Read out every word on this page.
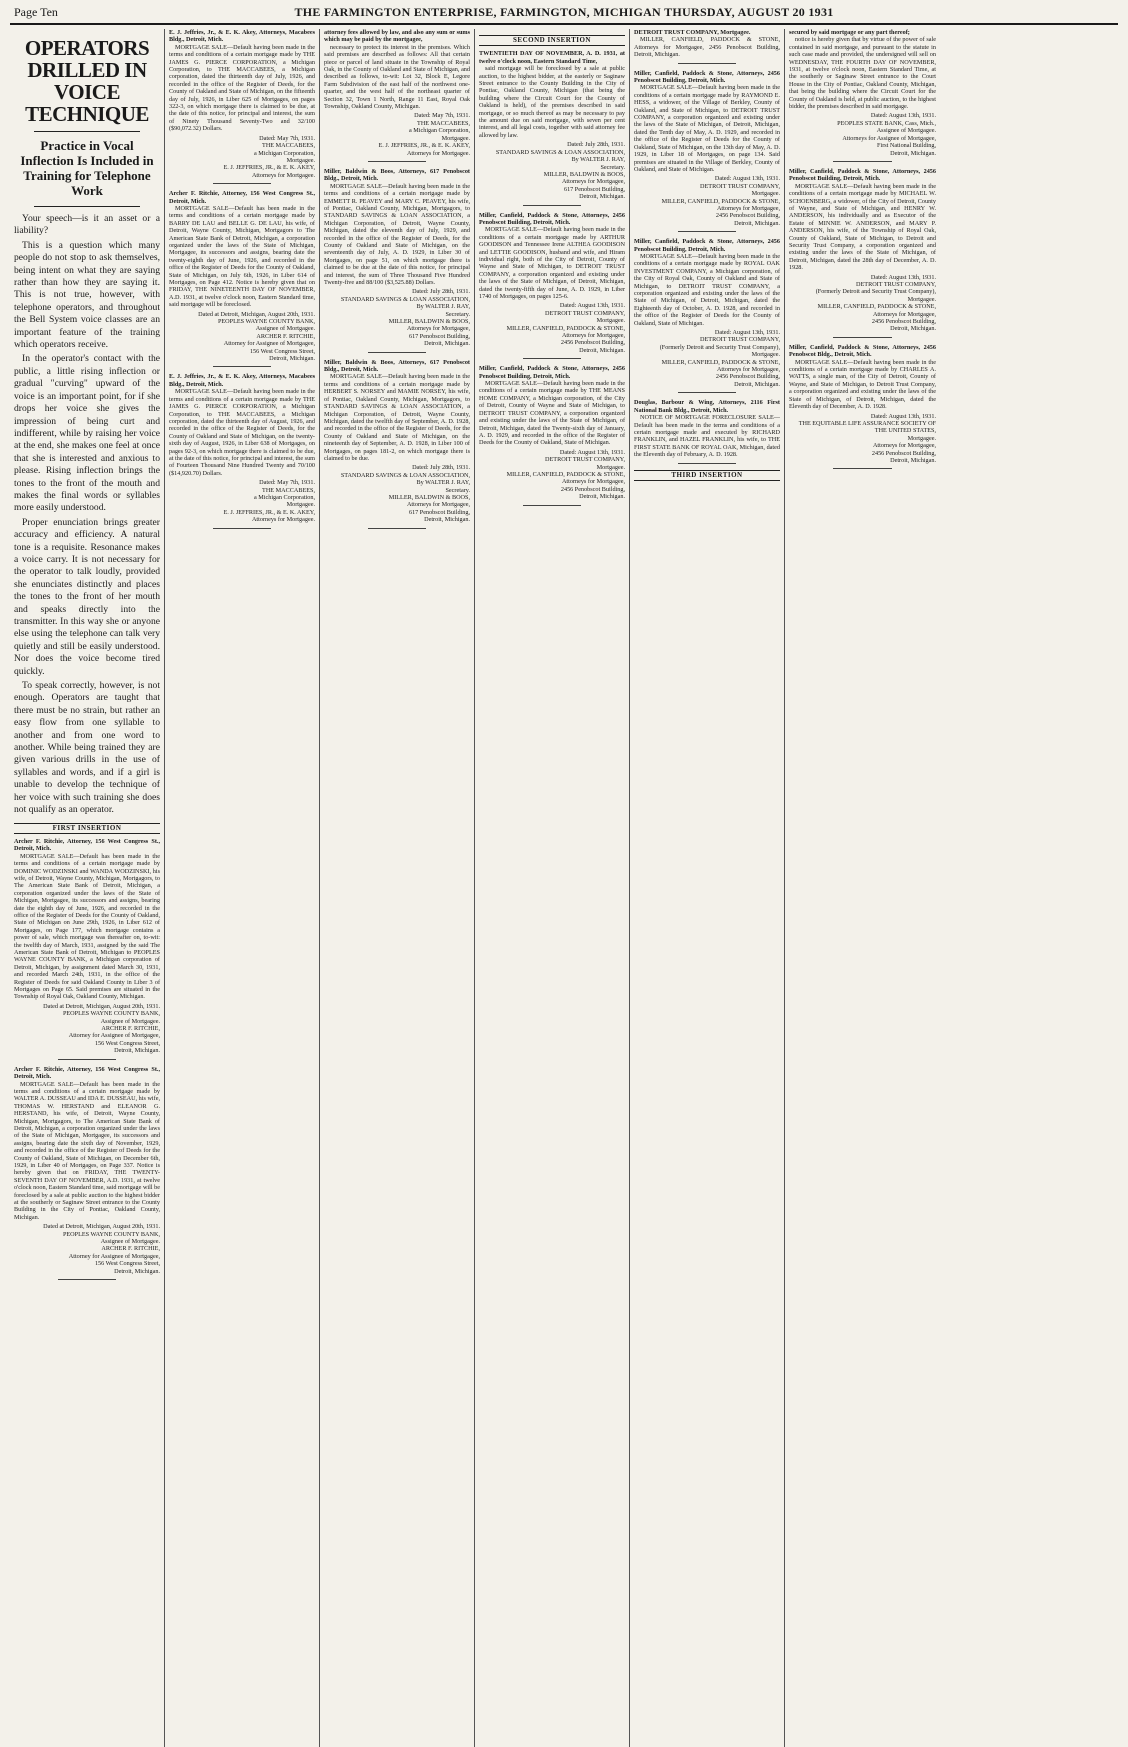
Page Ten	THE FARMINGTON ENTERPRISE, FARMINGTON, MICHIGAN THURSDAY, AUGUST 20 1931
OPERATORS DRILLED IN VOICE TECHNIQUE
Practice in Vocal Inflection Is Included in Training for Telephone Work

Your speech—is it an asset or a liability?

This is a question which many people do not stop to ask themselves, being intent on what they are saying rather than how they are saying it. This is not true, however, with telephone operators, and throughout the Bell System voice classes are an important feature of the training which operators receive.

In the operator's contact with the public, a little rising inflection or gradual "curving" upward of the voice is an important point, for if she drops her voice she gives the impression of being curt and indifferent, while by raising her voice at the end, she makes one feel at once that she is interested and anxious to please. Rising inflection brings the tones to the front of the mouth and makes the final words or syllables more easily understood.

Proper enunciation brings greater accuracy and efficiency. A natural tone is a requisite. Resonance makes a voice carry. It is not necessary for the operator to talk loudly, provided she enunciates distinctly and places the tones to the front of her mouth and speaks directly into the transmitter. In this way she or anyone else using the telephone can talk very quietly and still be easily understood. Nor does the voice become tired quickly.

To speak correctly, however, is not enough. Operators are taught that there must be no strain, but rather an easy flow from one syllable to another and from one word to another. While being trained they are given various drills in the use of syllables and words, and if a girl is unable to develop the technique of her voice with such training she does not qualify as an operator.

FIRST INSERTION
Archer F. Ritchie, Attorney, 156 West Congress St., Detroit, Mich.

MORTGAGE SALE—Default has been made in the terms and conditions of a certain mortgage made by DOMINIC WODZINSKI and WANDA WODZINSKI, his wife, of Detroit, Wayne County, Michigan, Mortgagors, to The American State Bank of Detroit, Michigan, a corporation organized under the laws of the State of Michigan, Mortgagee, its successors and assigns, bearing date the eighth day of June, 1926, and recorded in the office of the Register of Deeds for the County of Oakland, State of Michigan on June 29th, 1926, in Liber 612 of Mortgages, on Page 177, which mortgage contains a power of sale, which mortgage was thereafter on, to-wit: the twelfth day of March, 1931, assigned by the said The American State Bank of Detroit, Michigan to PEOPLES WAYNE COUNTY BANK, a Michigan corporation of Detroit, Michigan, by assignment dated March 30, 1931, and recorded March 24th, 1931, in the office of the Register of Deeds for said Oakland County in Liber 3 of Mortgages on Page 65. Said premises are situated in the Township of Royal Oak, Oakland County, Michigan.

Dated at Detroit, Michigan, August 20th, 1931.
PEOPLES WAYNE COUNTY BANK,
Assignee of Mortgagee.
ARCHER F. RITCHIE,
Attorney for Assignee of Mortgagee,
156 West Congress Street,
Detroit, Michigan.
Archer F. Ritchie, Attorney, 156 West Congress St., Detroit, Mich.

MORTGAGE SALE—Default has been made in the terms and conditions of a certain mortgage made by WALTER A. DUSSEAU and IDA E. DUSSEAU, his wife, THOMAS W. HERSTAND and ELEANOR G. HERSTAND, his wife, of Detroit, Wayne County, Michigan, Mortgagors, to The American State Bank of Detroit, Michigan, a corporation organized under the laws of the State of Michigan, Mortgagee, its successors and assigns, bearing date the sixth day of November, 1929, and recorded in the office of the Register of Deeds for the County of Oakland, State of Michigan, on December 6th, 1929, in Liber 40 of Mortgages, on Page 337. Notice is hereby given that on FRIDAY, THE TWENTY-SEVENTH DAY OF NOVEMBER, A.D. 1931, at twelve o'clock noon, Eastern Standard time, said mortgage will be foreclosed by a sale at public auction to the highest bidder at the southerly or Saginaw Street entrance to the County Building in the City of Pontiac, Oakland County, Michigan.

Dated at Detroit, Michigan, August 20th, 1931.
PEOPLES WAYNE COUNTY BANK,
Assignee of Mortgagee.
ARCHER F. RITCHIE,
Attorney for Assignee of Mortgagee,
156 West Congress Street,
Detroit, Michigan.
E. J. Jeffries, Jr., & E. K. Akey, Attorneys, Macabees Bldg., Detroit, Mich.

MORTGAGE SALE—Default having been made in the terms and conditions of a certain mortgage made by THE JAMES G. PIERCE CORPORATION, a Michigan Corporation, to THE MACCABEES, a Michigan corporation, dated the thirteenth day of July, 1926, and recorded in the office of the Register of Deeds, for the County of Oakland and State of Michigan, on the fifteenth day of July, 1926, in Liber 625 of Mortgages, on pages 322-3, on which mortgage there is claimed to be due, at the date of this notice, for principal and interest, the sum of Ninety Thousand Seventy-Two and 32/100 ($90,072.32) Dollars.

Dated: May 7th, 1931.
THE MACCABEES,
a Michigan Corporation,
Mortgagee.
E. J. JEFFRIES, JR., & E. K. AKEY,
Attorneys for Mortgagee.
Archer F. Ritchie, Attorney, 156 West Congress St., Detroit, Mich.

MORTGAGE SALE—Default has been made in the terms and conditions of a certain mortgage made by BARRY DE LAU and BELLE G. DE LAU, his wife, of Detroit, Wayne County, Michigan, Mortgagors to The American State Bank of Detroit, Michigan, a corporation organized under the laws of the State of Michigan, Mortgagee, its successors and assigns, bearing date the twenty-eighth day of June, 1926, and recorded in the office of the Register of Deeds for the County of Oakland, State of Michigan, on July 6th, 1926, in Liber 614 of Mortgages, on Page 412. Notice is hereby given that on FRIDAY, THE NINETEENTH DAY OF NOVEMBER, A.D. 1931, at twelve o'clock noon, Eastern Standard time, said mortgage will be foreclosed.

Dated at Detroit, Michigan, August 20th, 1931.
PEOPLES WAYNE COUNTY BANK,
Assignee of Mortgagee.
ARCHER F. RITCHIE,
Attorney for Assignee of Mortgagee,
156 West Congress Street,
Detroit, Michigan.
E. J. Jeffries, Jr., & E. K. Akey, Attorneys, Macabees Bldg., Detroit, Mich.

MORTGAGE SALE—Default having been made in the terms and conditions of a certain mortgage made by THE JAMES G. PIERCE CORPORATION, a Michigan Corporation, to THE MACCABEES, a Michigan corporation, dated the thirteenth day of August, 1926, and recorded in the office of the Register of Deeds, for the County of Oakland and State of Michigan, on the twenty-sixth day of August, 1926, in Liber 638 of Mortgages, on pages 92-3, on which mortgage there is claimed to be due, at the date of this notice, for principal and interest, the sum of Fourteen Thousand Nine Hundred Twenty and 70/100 ($14,920.70) Dollars.

Dated: May 7th, 1931.
THE MACCABEES,
a Michigan Corporation,
Mortgagee.
E. J. JEFFRIES, JR., & E. K. AKEY,
Attorneys for Mortgagee.
attorney fees allowed by law, and also any sum or sums which may be paid by the mortgagee,

necessary to protect its interest in the premises. Which said premises are described as follows: All that certain piece or parcel of land situate in the Township of Royal Oak, in the County of Oakland and State of Michigan, and described as follows, to-wit: Lot 32, Block E, Legore Farm Subdivision of the east half of the northwest one-quarter, and the west half of the northeast quarter of Section 32, Town 1 North, Range 11 East, Royal Oak Township, Oakland County, Michigan.

Dated: May 7th, 1931.
THE MACCABEES,
a Michigan Corporation,
Mortgagee.
E. J. JEFFRIES, JR., & E. K. AKEY,
Attorneys for Mortgagee.
Miller, Baldwin & Boos, Attorneys, 617 Penobscot Bldg., Detroit, Mich.

MORTGAGE SALE—Default having been made in the terms and conditions of a certain mortgage made by EMMETT R. PEAVEY and MARY C. PEAVEY, his wife, of Pontiac, Oakland County, Michigan, Mortgagors, to STANDARD SAVINGS & LOAN ASSOCIATION, a Michigan Corporation, of Detroit, Wayne County, Michigan, dated the eleventh day of July, 1929, and recorded in the office of the Register of Deeds, for the County of Oakland and State of Michigan, on the seventeenth day of July, A. D. 1929, in Liber 30 of Mortgages, on page 51, on which mortgage there is claimed to be due at the date of this notice, for principal and interest, the sum of Three Thousand Five Hundred Twenty-five and 88/100 ($3,525.88) Dollars.

Dated: July 28th, 1931.
STANDARD SAVINGS & LOAN ASSOCIATION,
By WALTER J. RAY,
Secretary.
MILLER, BALDWIN & BOOS,
Attorneys for Mortgagee,
617 Penobscot Building,
Detroit, Michigan.
Miller, Baldwin & Boos, Attorneys, 617 Penobscot Bldg., Detroit, Mich.

MORTGAGE SALE—Default having been made in the terms and conditions of a certain mortgage made by HERBERT S. NORSEY and MAMIE NORSEY, his wife, of Pontiac, Oakland County, Michigan, Mortgagors, to STANDARD SAVINGS & LOAN ASSOCIATION, a Michigan Corporation, of Detroit, Wayne County, Michigan, dated the twelfth day of September, A. D. 1928, and recorded in the office of the Register of Deeds, for the County of Oakland and State of Michigan, on the nineteenth day of September, A. D. 1928, in Liber 100 of Mortgages, on pages 181-2, on which mortgage there is claimed to be due.

Dated: July 28th, 1931.
STANDARD SAVINGS & LOAN ASSOCIATION,
By WALTER J. RAY,
Secretary.
MILLER, BALDWIN & BOOS,
Attorneys for Mortgagee,
617 Penobscot Building,
Detroit, Michigan.
SECOND INSERTION
TWENTIETH DAY OF NOVEMBER, A. D. 1931, at twelve o'clock noon, Eastern Standard Time,

said mortgage will be foreclosed by a sale at public auction, to the highest bidder, at the easterly or Saginaw Street entrance to the County Building in the City of Pontiac, Oakland County, Michigan (that being the building where the Circuit Court for the County of Oakland is held), of the premises described in said mortgage, or so much thereof as may be necessary to pay the amount due on said mortgage, with seven per cent interest, and all legal costs, together with said attorney fee allowed by law.

Dated: July 28th, 1931.
STANDARD SAVINGS & LOAN ASSOCIATION,
By WALTER J. RAY,
Secretary.
MILLER, BALDWIN & BOOS,
Attorneys for Mortgagee,
617 Penobscot Building,
Detroit, Michigan.
Miller, Canfield, Paddock & Stone, Attorneys, 2456 Penobscot Building, Detroit, Mich.

MORTGAGE SALE—Default having been made in the conditions of a certain mortgage made by ARTHUR GOODISON and Tennessee Irene ALTHEA GOODISON and LETTIE GOODISON, husband and wife, and Hiram individual right, both of the City of Detroit, County of Wayne and State of Michigan, to DETROIT TRUST COMPANY, a corporation organized and existing under the laws of the State of Michigan, of Detroit, Michigan, dated the twenty-fifth day of June, A. D. 1929, in Liber 1740 of Mortgages, on pages 125-6.

Dated: August 13th, 1931.
DETROIT TRUST COMPANY,
Mortgagee.
MILLER, CANFIELD, PADDOCK & STONE,
Attorneys for Mortgagee,
2456 Penobscot Building,
Detroit, Michigan.
Miller, Canfield, Paddock & Stone, Attorneys, 2456 Penobscot Building, Detroit, Mich.

MORTGAGE SALE—Default having been made in the conditions of a certain mortgage made by THE MEANS HOME COMPANY, a Michigan corporation, of the City of Detroit, County of Wayne and State of Michigan, to DETROIT TRUST COMPANY, a corporation organized and existing under the laws of the State of Michigan, of Detroit, Michigan, dated the Twenty-sixth day of January, A. D. 1929, and recorded in the office of the Register of Deeds for the County of Oakland, State of Michigan.

Dated: August 13th, 1931.
DETROIT TRUST COMPANY,
Mortgagee.
MILLER, CANFIELD, PADDOCK & STONE,
Attorneys for Mortgagee,
2456 Penobscot Building,
Detroit, Michigan.
DETROIT TRUST COMPANY, Mortgagee.

MILLER, CANFIELD, PADDOCK & STONE, Attorneys for Mortgagee, 2456 Penobscot Building, Detroit, Michigan.

Miller, Canfield, Paddock & Stone, Attorneys, 2456 Penobscot Building, Detroit, Mich.

MORTGAGE SALE—Default having been made in the conditions of a certain mortgage made by RAYMOND E. HESS, a widower, of the Village of Berkley, County of Oakland, and State of Michigan, to DETROIT TRUST COMPANY, a corporation organized and existing under the laws of the State of Michigan, of Detroit, Michigan, dated the Tenth day of May, A. D. 1929, and recorded in the office of the Register of Deeds for the County of Oakland, State of Michigan, on the 13th day of May, A. D. 1929, in Liber 18 of Mortgages, on page 134. Said premises are situated in the Village of Berkley, County of Oakland, and State of Michigan.

Dated: August 13th, 1931.
DETROIT TRUST COMPANY,
Mortgagee.
MILLER, CANFIELD, PADDOCK & STONE,
Attorneys for Mortgagee,
2456 Penobscot Building,
Detroit, Michigan.
Miller, Canfield, Paddock & Stone, Attorneys, 2456 Penobscot Building, Detroit, Mich.

MORTGAGE SALE—Default having been made in the conditions of a certain mortgage made by ROYAL OAK INVESTMENT COMPANY, a Michigan corporation, of the City of Royal Oak, County of Oakland and State of Michigan, to DETROIT TRUST COMPANY, a corporation organized and existing under the laws of the State of Michigan, of Detroit, Michigan, dated the Eighteenth day of October, A. D. 1928, and recorded in the office of the Register of Deeds for the County of Oakland, State of Michigan.

Dated: August 13th, 1931.
DETROIT TRUST COMPANY,
(Formerly Detroit and Security Trust Company), Mortgagee.
MILLER, CANFIELD, PADDOCK & STONE,
Attorneys for Mortgagee,
2456 Penobscot Building,
Detroit, Michigan.
Douglas, Barbour & Wing, Attorneys, 2116 First National Bank Bldg., Detroit, Mich.

NOTICE OF MORTGAGE FORECLOSURE SALE—Default has been made in the terms and conditions of a certain mortgage made and executed by RICHARD FRANKLIN, and HAZEL FRANKLIN, his wife, to THE FIRST STATE BANK OF ROYAL OAK, Michigan, dated the Eleventh day of February, A. D. 1928.

THIRD INSERTION
secured by said mortgage or any part thereof;

notice is hereby given that by virtue of the power of sale contained in said mortgage, and pursuant to the statute in such case made and provided, the undersigned will sell on WEDNESDAY, THE FOURTH DAY OF NOVEMBER, 1931, at twelve o'clock noon, Eastern Standard Time, at the southerly or Saginaw Street entrance to the Court House in the City of Pontiac, Oakland County, Michigan, that being the building where the Circuit Court for the County of Oakland is held, at public auction, to the highest bidder, the premises described in said mortgage.

Dated: August 13th, 1931.
PEOPLES STATE BANK, Cass, Mich.,
Assignee of Mortgagee.
Attorneys for Assignee of Mortgagee,
First National Building,
Detroit, Michigan.
Miller, Canfield, Paddock & Stone, Attorneys, 2456 Penobscot Building, Detroit, Mich.

MORTGAGE SALE—Default having been made in the conditions of a certain mortgage made by MICHAEL W. SCHOENBERG, a widower, of the City of Detroit, County of Wayne, and State of Michigan, and HENRY W. ANDERSON, his individually and as Executor of the Estate of MINNIE W. ANDERSON, and MARY P. ANDERSON, his wife, of the Township of Royal Oak, County of Oakland, State of Michigan, to Detroit and Security Trust Company, a corporation organized and existing under the laws of the State of Michigan, of Detroit, Michigan, dated the 28th day of December, A. D. 1928.

Dated: August 13th, 1931.
DETROIT TRUST COMPANY,
(Formerly Detroit and Security Trust Company), Mortgagee.
MILLER, CANFIELD, PADDOCK & STONE,
Attorneys for Mortgagee,
2456 Penobscot Building,
Detroit, Michigan.
Miller, Canfield, Paddock & Stone, Attorneys, 2456 Penobscot Bldg., Detroit, Mich.

MORTGAGE SALE—Default having been made in the conditions of a certain mortgage made by CHARLES A. WATTS, a single man, of the City of Detroit, County of Wayne, and State of Michigan, to Detroit Trust Company, a corporation organized and existing under the laws of the State of Michigan, of Detroit, Michigan, dated the Eleventh day of December, A. D. 1928.

Dated: August 13th, 1931.
THE EQUITABLE LIFE ASSURANCE SOCIETY OF THE UNITED STATES,
Mortgagee.
Attorneys for Mortgagee,
2456 Penobscot Building,
Detroit, Michigan.
